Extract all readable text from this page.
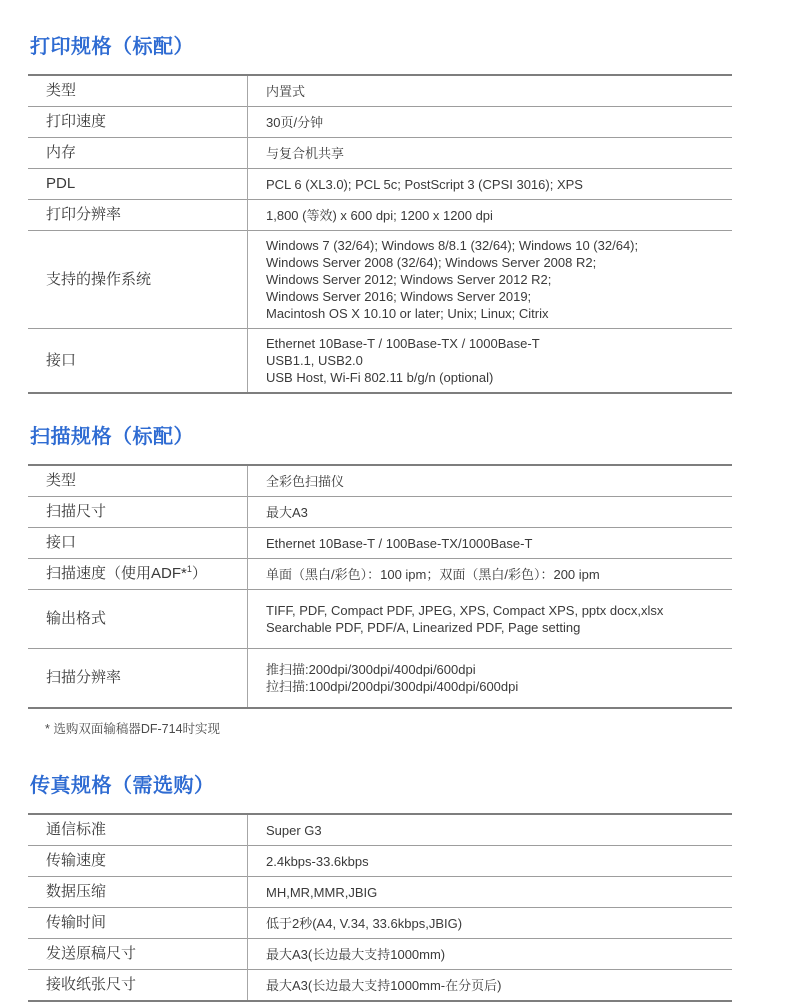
打印规格（标配）
类型	内置式
打印速度	30页/分钟
内存	与复合机共享
PDL	PCL 6 (XL3.0); PCL 5c; PostScript 3 (CPSI 3016); XPS
打印分辨率	1,800 (等效) x 600 dpi; 1200 x 1200 dpi
支持的操作系统	Windows 7 (32/64); Windows 8/8.1 (32/64); Windows 10 (32/64);
Windows Server 2008 (32/64); Windows Server 2008 R2;
Windows Server 2012; Windows Server 2012 R2;
Windows Server 2016; Windows Server 2019;
Macintosh OS X 10.10 or later; Unix; Linux; Citrix
接口	Ethernet 10Base-T / 100Base-TX / 1000Base-T
USB1.1, USB2.0
USB Host, Wi-Fi 802.11 b/g/n (optional)
扫描规格（标配）
类型	全彩色扫描仪
扫描尺寸	最大A3
接口	Ethernet 10Base-T / 100Base-TX/1000Base-T
扫描速度（使用ADF*$^1$）	单面（黑白/彩色）：100 ipm；双面（黑白/彩色）：200 ipm
输出格式	TIFF, PDF, Compact PDF, JPEG, XPS, Compact XPS, pptx docx,xlsx
Searchable PDF, PDF/A, Linearized PDF, Page setting
扫描分辨率	推扫描:200dpi/300dpi/400dpi/600dpi
拉扫描:100dpi/200dpi/300dpi/400dpi/600dpi

* 选购双面输稿器DF-714时实现

传真规格（需选购）
通信标准	Super G3
传输速度	2.4kbps-33.6kbps
数据压缩	MH,MR,MMR,JBIG
传输时间	低于2秒(A4, V.34, 33.6kbps,JBIG)
发送原稿尺寸	最大A3(长边最大支持1000mm)
接收纸张尺寸	最大A3(长边最大支持1000mm-在分页后)
